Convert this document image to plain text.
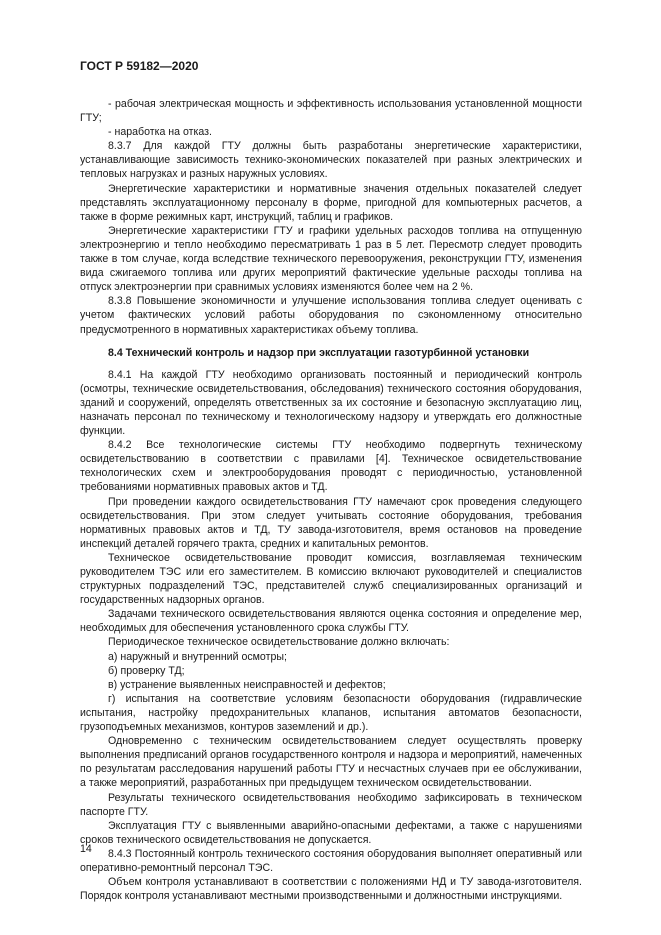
ГОСТ Р 59182—2020

- рабочая электрическая мощность и эффективность использования установленной мощности ГТУ;

- наработка на отказ.

8.3.7 Для каждой ГТУ должны быть разработаны энергетические характеристики, устанавливающие зависимость технико-экономических показателей при разных электрических и тепловых нагрузках и разных наружных условиях.

Энергетические характеристики и нормативные значения отдельных показателей следует представлять эксплуатационному персоналу в форме, пригодной для компьютерных расчетов, а также в форме режимных карт, инструкций, таблиц и графиков.

Энергетические характеристики ГТУ и графики удельных расходов топлива на отпущенную электроэнергию и тепло необходимо пересматривать 1 раз в 5 лет. Пересмотр следует проводить также в том случае, когда вследствие технического перевооружения, реконструкции ГТУ, изменения вида сжигаемого топлива или других мероприятий фактические удельные расходы топлива на отпуск электроэнергии при сравнимых условиях изменяются более чем на 2 %.

8.3.8 Повышение экономичности и улучшение использования топлива следует оценивать с учетом фактических условий работы оборудования по сэкономленному относительно предусмотренного в нормативных характеристиках объему топлива.

8.4 Технический контроль и надзор при эксплуатации газотурбинной установки

8.4.1 На каждой ГТУ необходимо организовать постоянный и периодический контроль (осмотры, технические освидетельствования, обследования) технического состояния оборудования, зданий и сооружений, определять ответственных за их состояние и безопасную эксплуатацию лиц, назначать персонал по техническому и технологическому надзору и утверждать его должностные функции.

8.4.2 Все технологические системы ГТУ необходимо подвергнуть техническому освидетельствованию в соответствии с правилами [4]. Техническое освидетельствование технологических схем и электрооборудования проводят с периодичностью, установленной требованиями нормативных правовых актов и ТД.

При проведении каждого освидетельствования ГТУ намечают срок проведения следующего освидетельствования. При этом следует учитывать состояние оборудования, требования нормативных правовых актов и ТД, ТУ завода-изготовителя, время остановов на проведение инспекций деталей горячего тракта, средних и капитальных ремонтов.

Техническое освидетельствование проводит комиссия, возглавляемая техническим руководителем ТЭС или его заместителем. В комиссию включают руководителей и специалистов структурных подразделений ТЭС, представителей служб специализированных организаций и государственных надзорных органов.

Задачами технического освидетельствования являются оценка состояния и определение мер, необходимых для обеспечения установленного срока службы ГТУ.

Периодическое техническое освидетельствование должно включать:

а) наружный и внутренний осмотры;

б) проверку ТД;

в) устранение выявленных неисправностей и дефектов;

г) испытания на соответствие условиям безопасности оборудования (гидравлические испытания, настройку предохранительных клапанов, испытания автоматов безопасности, грузоподъемных механизмов, контуров заземлений и др.).

Одновременно с техническим освидетельствованием следует осуществлять проверку выполнения предписаний органов государственного контроля и надзора и мероприятий, намеченных по результатам расследования нарушений работы ГТУ и несчастных случаев при ее обслуживании, а также мероприятий, разработанных при предыдущем техническом освидетельствовании.

Результаты технического освидетельствования необходимо зафиксировать в техническом паспорте ГТУ.

Эксплуатация ГТУ с выявленными аварийно-опасными дефектами, а также с нарушениями сроков технического освидетельствования не допускается.

8.4.3 Постоянный контроль технического состояния оборудования выполняет оперативный или оперативно-ремонтный персонал ТЭС.

Объем контроля устанавливают в соответствии с положениями НД и ТУ завода-изготовителя. Порядок контроля устанавливают местными производственными и должностными инструкциями.

14
